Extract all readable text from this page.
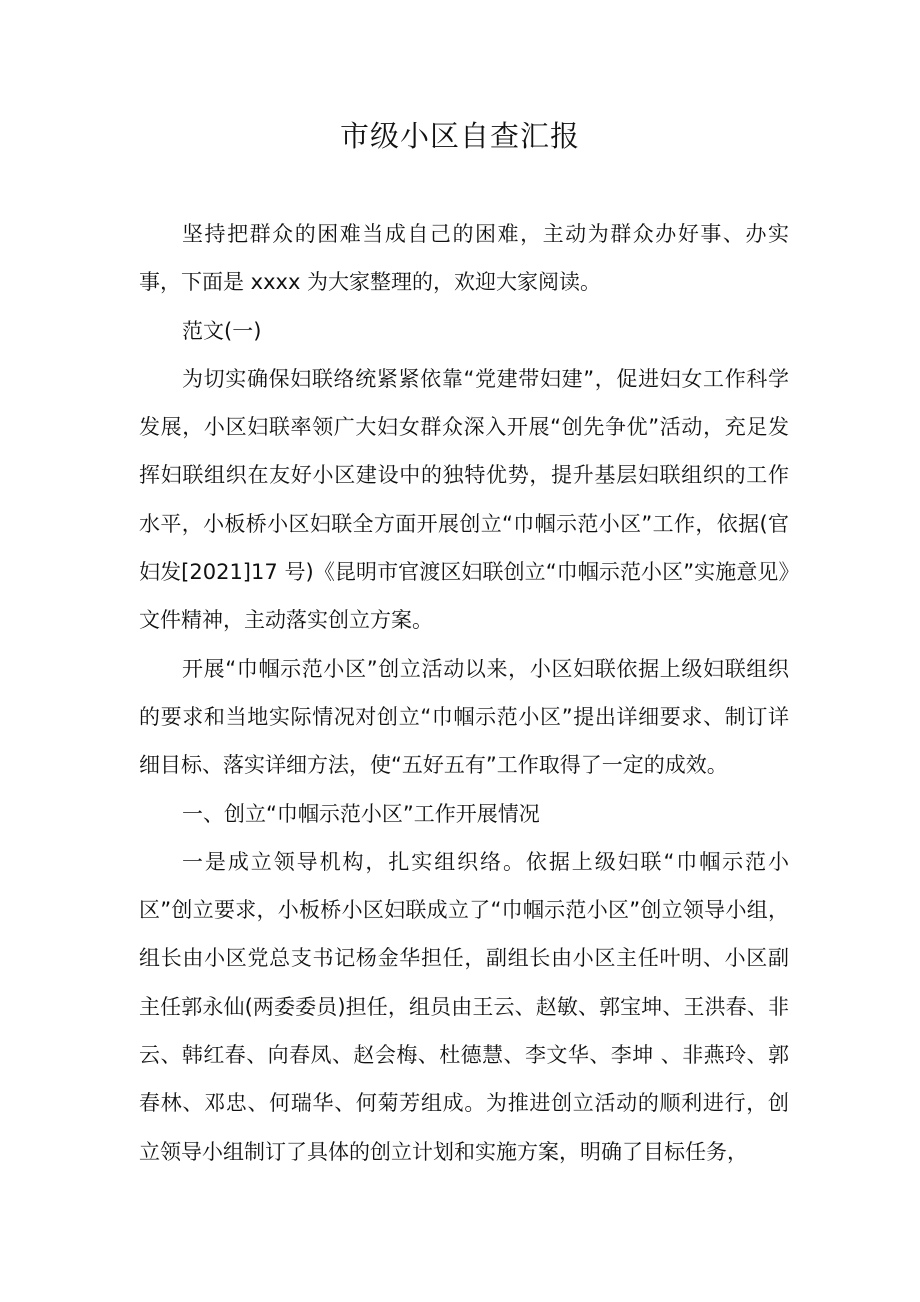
市级小区自查汇报

坚持把群众的困难当成自己的困难，主动为群众办好事、办实事，下面是 xxxx 为大家整理的，欢迎大家阅读。

范文(一)

为切实确保妇联络统紧紧依靠“党建带妇建”，促进妇女工作科学发展，小区妇联率领广大妇女群众深入开展“创先争优”活动，充足发挥妇联组织在友好小区建设中的独特优势，提升基层妇联组织的工作水平，小板桥小区妇联全方面开展创立“巾帼示范小区”工作，依据(官妇发[2021]17 号)《昆明市官渡区妇联创立“巾帼示范小区”实施意见》文件精神，主动落实创立方案。

开展“巾帼示范小区”创立活动以来，小区妇联依据上级妇联组织的要求和当地实际情况对创立“巾帼示范小区”提出详细要求、制订详细目标、落实详细方法，使“五好五有”工作取得了一定的成效。

一、创立“巾帼示范小区”工作开展情况

一是成立领导机构，扎实组织络。依据上级妇联“巾帼示范小区”创立要求，小板桥小区妇联成立了“巾帼示范小区”创立领导小组，组长由小区党总支书记杨金华担任，副组长由小区主任叶明、小区副主任郭永仙(两委委员)担任，组员由王云、赵敏、郭宝坤、王洪春、非云、韩红春、向春凤、赵会梅、杜德慧、李文华、李坤 、非燕玲、郭春林、邓忠、何瑞华、何菊芳组成。为推进创立活动的顺利进行，创立领导小组制订了具体的创立计划和实施方案，明确了目标任务，
